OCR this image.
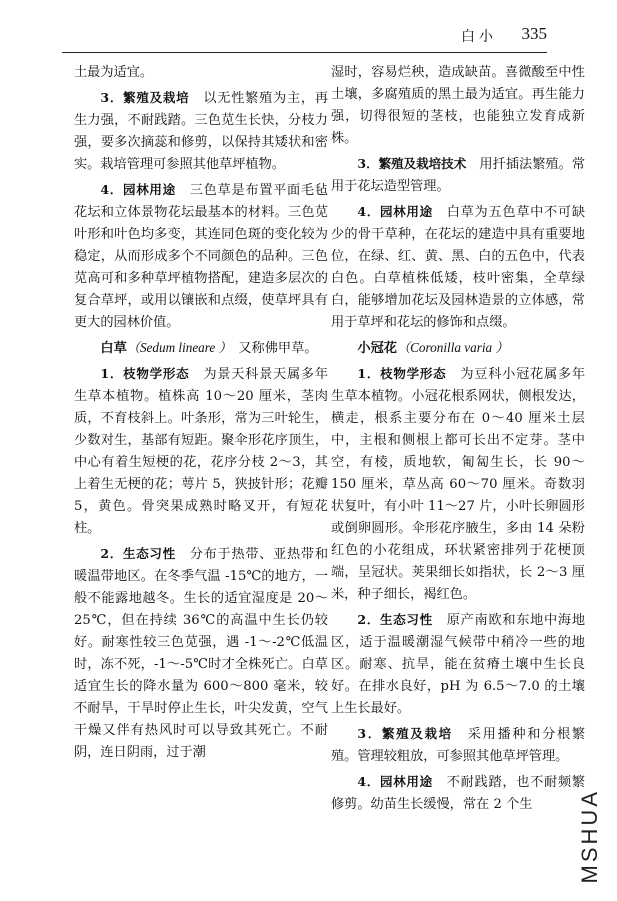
白小 335

土最为适宜。

3．繁殖及栽培　 以无性繁殖为主，再生力强，不耐践踏。三色苋生长快，分枝力强，要多次摘蕊和修剪，以保持其矮状和密实。栽培管理可参照其他草坪植物。

4．园林用途　 三色草是布置平面毛毡花坛和立体景物花坛最基本的材料。三色苋叶形和叶色均多变，其连同色斑的变化较为稳定，从而形成多个不同颜色的品种。三色苋高可和多种草坪植物搭配，建造多层次的复合草坪，或用以镶嵌和点缀，使草坪具有更大的园林价值。

白草（Sedum lineare ）　 又称佛甲草。

1．枝物学形态　 为景天科景天属多年生草本植物。植株高 10～20 厘米，茎肉质，不育枝斜上。叶条形，常为三叶轮生，少数对生，基部有短距。聚伞形花序顶生，中心有着生短梗的花，花序分枝 2～3，其上着生无梗的花；萼片 5，狭披针形；花瓣 5，黄色。骨突果成熟时略叉开，有短花柱。

2．生态习性　 分布于热带、亚热带和暖温带地区。在冬季气温 -15℃的地方，一般不能露地越冬。生长的适宜湿度是 20～25℃，但在持续 36℃的高温中生长仍较好。耐寒性较三色苋强，遇 -1～-2℃低温时，冻不死，-1～-5℃时才全株死亡。白草适宜生长的降水量为 600～800 毫米，较不耐旱，干旱时停止生长，叶尖发黄，空气干燥又伴有热风时可以导致其死亡。不耐阴，连日阴雨，过于潮

湿时，容易烂秧，造成缺苗。喜微酸至中性土壤，多腐殖质的黑土最为适宜。再生能力强，切得很短的茎枝，也能独立发育成新株。

3．繁殖及栽培技术　 用扦插法繁殖。常用于花坛造型管理。

4．园林用途　 白草为五色草中不可缺少的骨干草种，在花坛的建造中具有重要地位，在绿、红、黄、黑、白的五色中，代表白色。白草植株低矮，枝叶密集，全草绿白，能够增加花坛及园林造景的立体感，常用于草坪和花坛的修饰和点缀。

小冠花（Coronilla varia ）

1．枝物学形态　 为豆科小冠花属多年生草本植物。小冠花根系网状，侧根发达，横走，根系主要分布在 0～40 厘米土层中，主根和侧根上都可长出不定芽。茎中空，有棱，质地软，匍匐生长，长 90～150 厘米，草丛高 60～70 厘米。奇数羽状复叶，有小叶 11～27 片，小叶长卵圆形或倒卵圆形。伞形花序腋生，多由 14 朵粉红色的小花组成，环状紧密排列于花梗顶端，呈冠状。荚果细长如指状，长 2～3 厘米，种子细长，褐红色。

2．生态习性　 原产南欧和东地中海地区，适于温暖潮湿气候带中稍冷一些的地区。耐寒、抗旱，能在贫瘠土壤中生长良好。在排水良好，pH 为 6.5～7.0 的土壤上生长最好。

3．繁殖及栽培　 采用播种和分根繁殖。管理较粗放，可参照其他草坪管理。

4．园林用途　 不耐践踏，也不耐频繁修剪。幼苗生长缓慢，常在 2 个生	MSHUA
